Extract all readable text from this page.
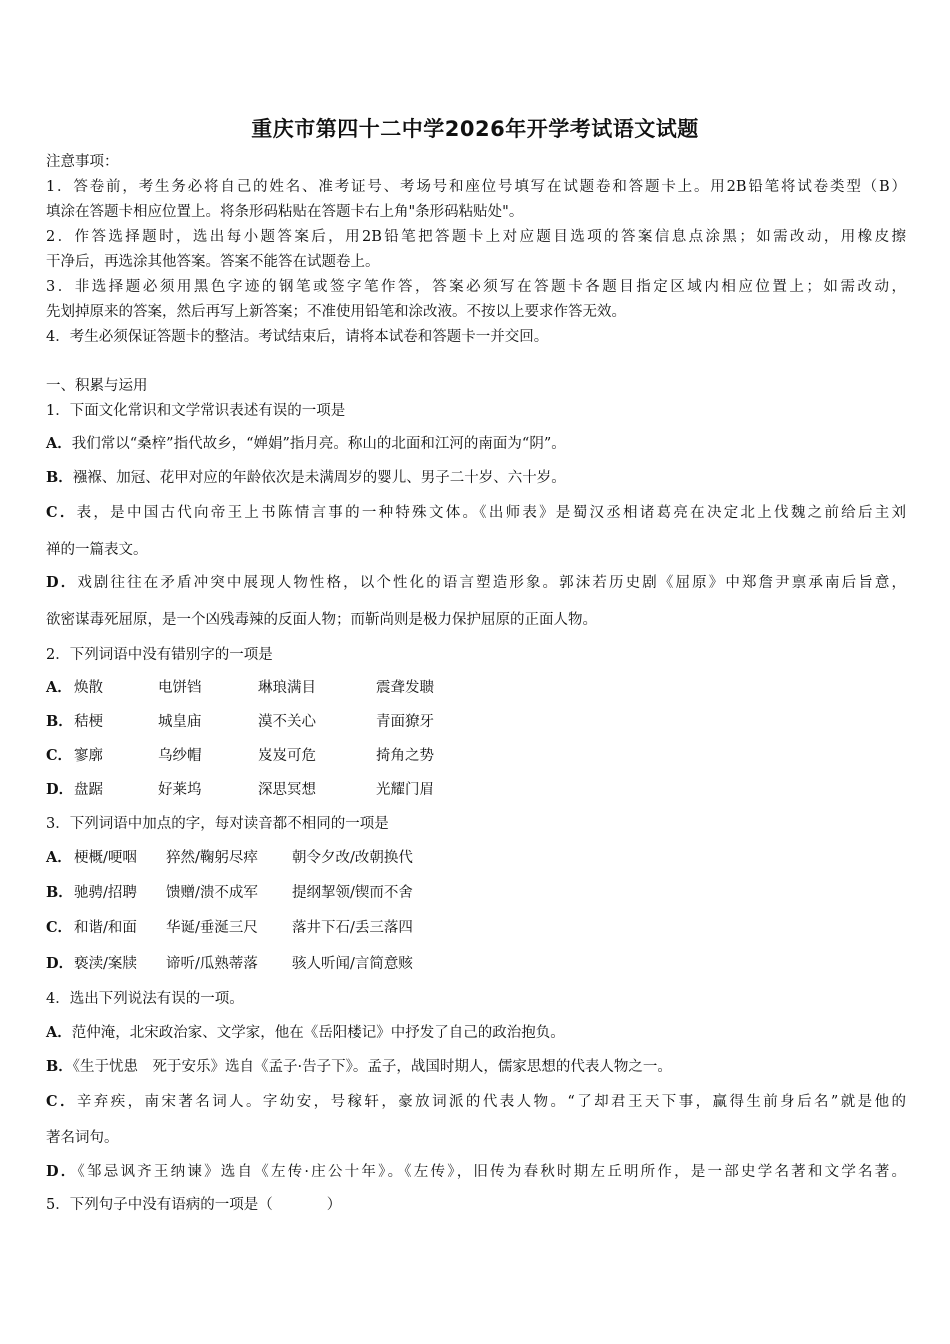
重庆市第四十二中学2026年开学考试语文试题
注意事项：
1．答卷前，考生务必将自己的姓名、准考证号、考场号和座位号填写在试题卷和答题卡上。用2B铅笔将试卷类型（B）
填涂在答题卡相应位置上。将条形码粘贴在答题卡右上角"条形码粘贴处"。
2．作答选择题时，选出每小题答案后，用2B铅笔把答题卡上对应题目选项的答案信息点涂黑；如需改动，用橡皮擦
干净后，再选涂其他答案。答案不能答在试题卷上。
3．非选择题必须用黑色字迹的钢笔或签字笔作答，答案必须写在答题卡各题目指定区域内相应位置上；如需改动，
先划掉原来的答案，然后再写上新答案；不准使用铅笔和涂改液。不按以上要求作答无效。
4．考生必须保证答题卡的整洁。考试结束后，请将本试卷和答题卡一并交回。
一、积累与运用
1．下面文化常识和文学常识表述有误的一项是
A．我们常以“桑梓”指代故乡，“婵娟”指月亮。称山的北面和江河的南面为“阴”。
B．襁褓、加冠、花甲对应的年龄依次是未满周岁的婴儿、男子二十岁、六十岁。
C．表，是中国古代向帝王上书陈情言事的一种特殊文体。《出师表》是蜀汉丞相诸葛亮在决定北上伐魏之前给后主刘
禅的一篇表文。
D．戏剧往往在矛盾冲突中展现人物性格，以个性化的语言塑造形象。郭沫若历史剧《屈原》中郑詹尹禀承南后旨意，
欲密谋毒死屈原，是一个凶残毒辣的反面人物；而靳尚则是极力保护屈原的正面人物。
2．下列词语中没有错别字的一项是
A． 焕散	电饼铛	琳琅满目	震聋发聩
B． 秸梗	城皇庙	漠不关心	青面獠牙
C． 寥廓	乌纱帽	岌岌可危	掎角之势
D． 盘踞	好莱坞	深思冥想	光耀门眉
3．下列词语中加点的字，每对读音都不相同的一项是
A． 梗概/哽咽 猝然/鞠躬尽瘁 朝令夕改/改朝换代
B． 驰骋/招聘 馈赠/溃不成军 提纲挈领/锲而不舍
C． 和谐/和面 华诞/垂涎三尺 落井下石/丢三落四
D． 亵渎/案牍 谛听/瓜熟蒂落 骇人听闻/言简意赅
4．选出下列说法有误的一项。
A．范仲淹，北宋政治家、文学家，他在《岳阳楼记》中抒发了自己的政治抱负。
B．《生于忧患　死于安乐》选自《孟子·告子下》。孟子，战国时期人，儒家思想的代表人物之一。
C．辛弃疾，南宋著名词人。字幼安，号稼轩，豪放词派的代表人物。“了却君王天下事，赢得生前身后名”就是他的
著名词句。
D．《邹忌讽齐王纳谏》选自《左传·庄公十年》。《左传》，旧传为春秋时期左丘明所作，是一部史学名著和文学名著。
5．下列句子中没有语病的一项是（	）
